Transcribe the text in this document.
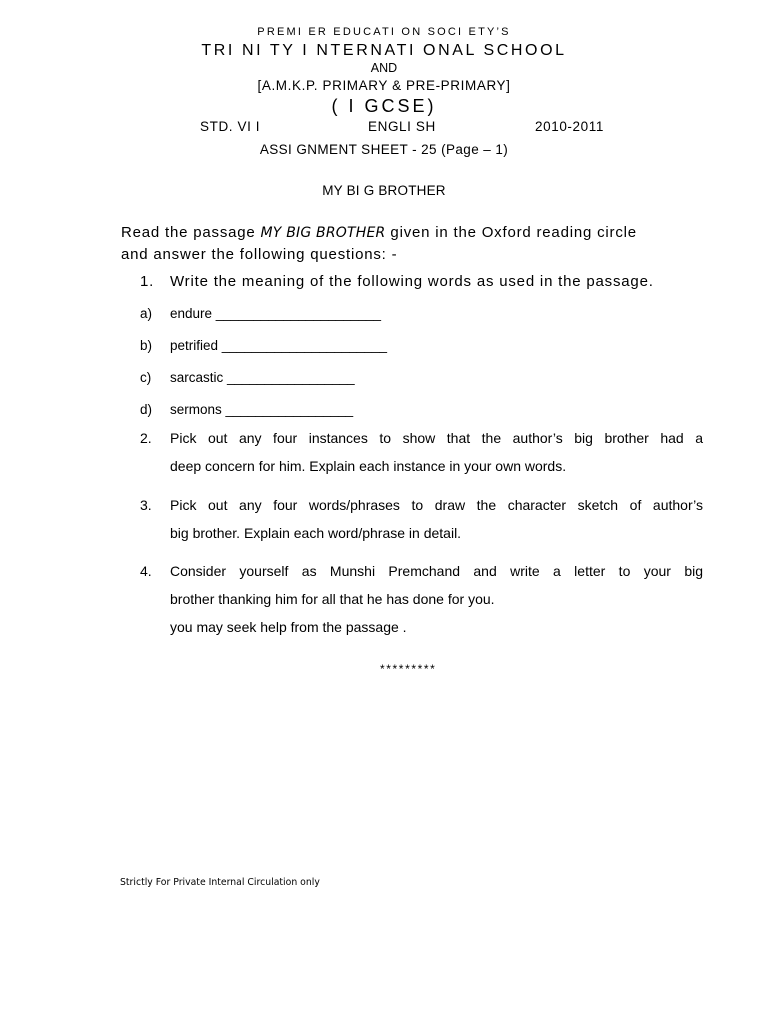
PREMI ER EDUCATI ON SOCI ETY’S
TRI NI TY I NTERNATI ONAL SCHOOL
AND
[A.M.K.P. PRIMARY & PRE-PRIMARY]
( I GCSE)
STD. VI I	ENGLI SH	2010-2011
ASSI GNMENT SHEET - 25 (Page – 1)
MY BI G BROTHER
Read the passage MY BIG BROTHER given in the Oxford reading circle
and answer the following questions: -
1. Write the meaning of the following words as used in the passage.
a) endure ______________________
b) petrified ______________________
c) sarcastic _________________
d) sermons _________________
2. Pick out any four instances to show that the author’s big brother had a
deep concern for him. Explain each instance in your own words.
3. Pick out any four words/phrases to draw the character sketch of author’s
big brother. Explain each word/phrase in detail.
4. Consider yourself as Munshi Premchand and write a letter to your big
brother thanking him for all that he has done for you.
you may seek help from the passage .
*********
Strictly For Private Internal Circulation only
